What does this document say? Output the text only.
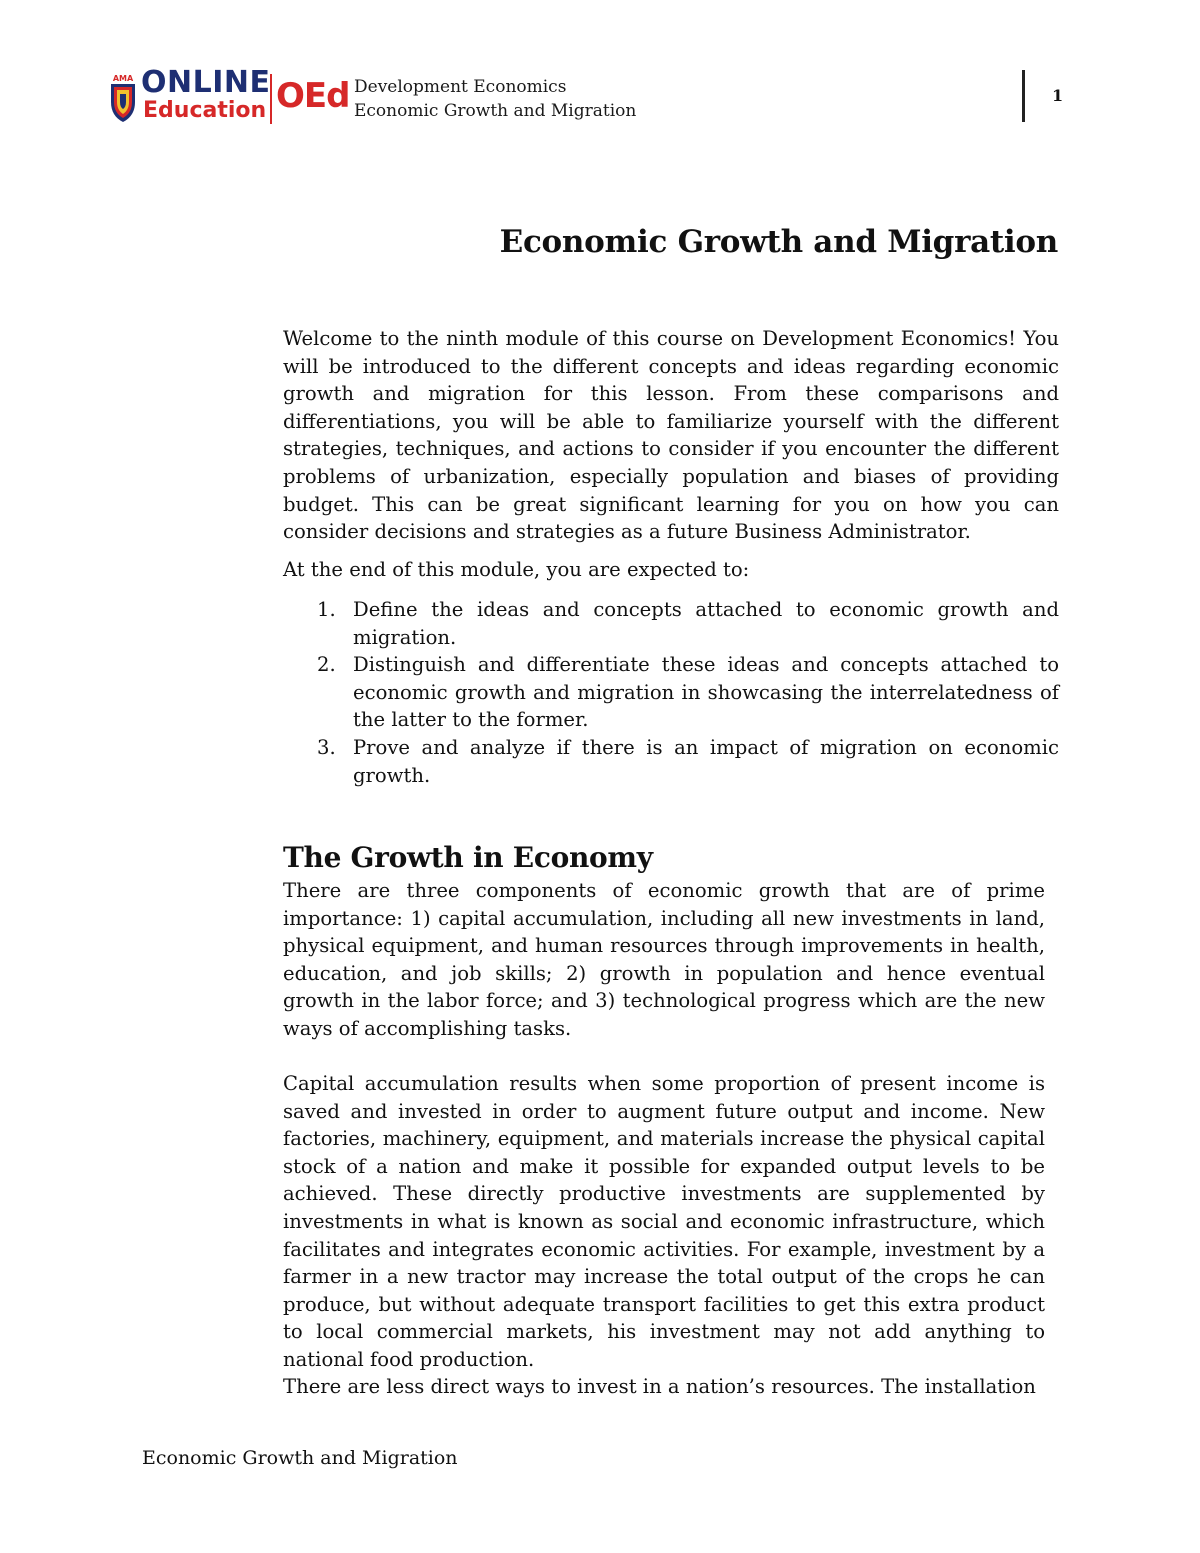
AMA ONLINE
Education OEd Development Economics
Economic Growth and Migration
1
Economic Growth and Migration

Welcome to the ninth module of this course on Development Economics! You will be introduced to the different concepts and ideas regarding economic growth and migration for this lesson. From these comparisons and differentiations, you will be able to familiarize yourself with the different strategies, techniques, and actions to consider if you encounter the different problems of urbanization, especially population and biases of providing budget. This can be great significant learning for you on how you can consider decisions and strategies as a future Business Administrator.

At the end of this module, you are expected to:

1. Define the ideas and concepts attached to economic growth and migration.
2. Distinguish and differentiate these ideas and concepts attached to economic growth and migration in showcasing the interrelatedness of the latter to the former.
3. Prove and analyze if there is an impact of migration on economic growth.
The Growth in Economy

There are three components of economic growth that are of prime importance: 1) capital accumulation, including all new investments in land, physical equipment, and human resources through improvements in health, education, and job skills; 2) growth in population and hence eventual growth in the labor force; and 3) technological progress which are the new ways of accomplishing tasks.

Capital accumulation results when some proportion of present income is saved and invested in order to augment future output and income. New factories, machinery, equipment, and materials increase the physical capital stock of a nation and make it possible for expanded output levels to be achieved. These directly productive investments are supplemented by investments in what is known as social and economic infrastructure, which facilitates and integrates economic activities. For example, investment by a farmer in a new tractor may increase the total output of the crops he can produce, but without adequate transport facilities to get this extra product to local commercial markets, his investment may not add anything to national food production.

There are less direct ways to invest in a nation’s resources. The installation

Economic Growth and Migration
